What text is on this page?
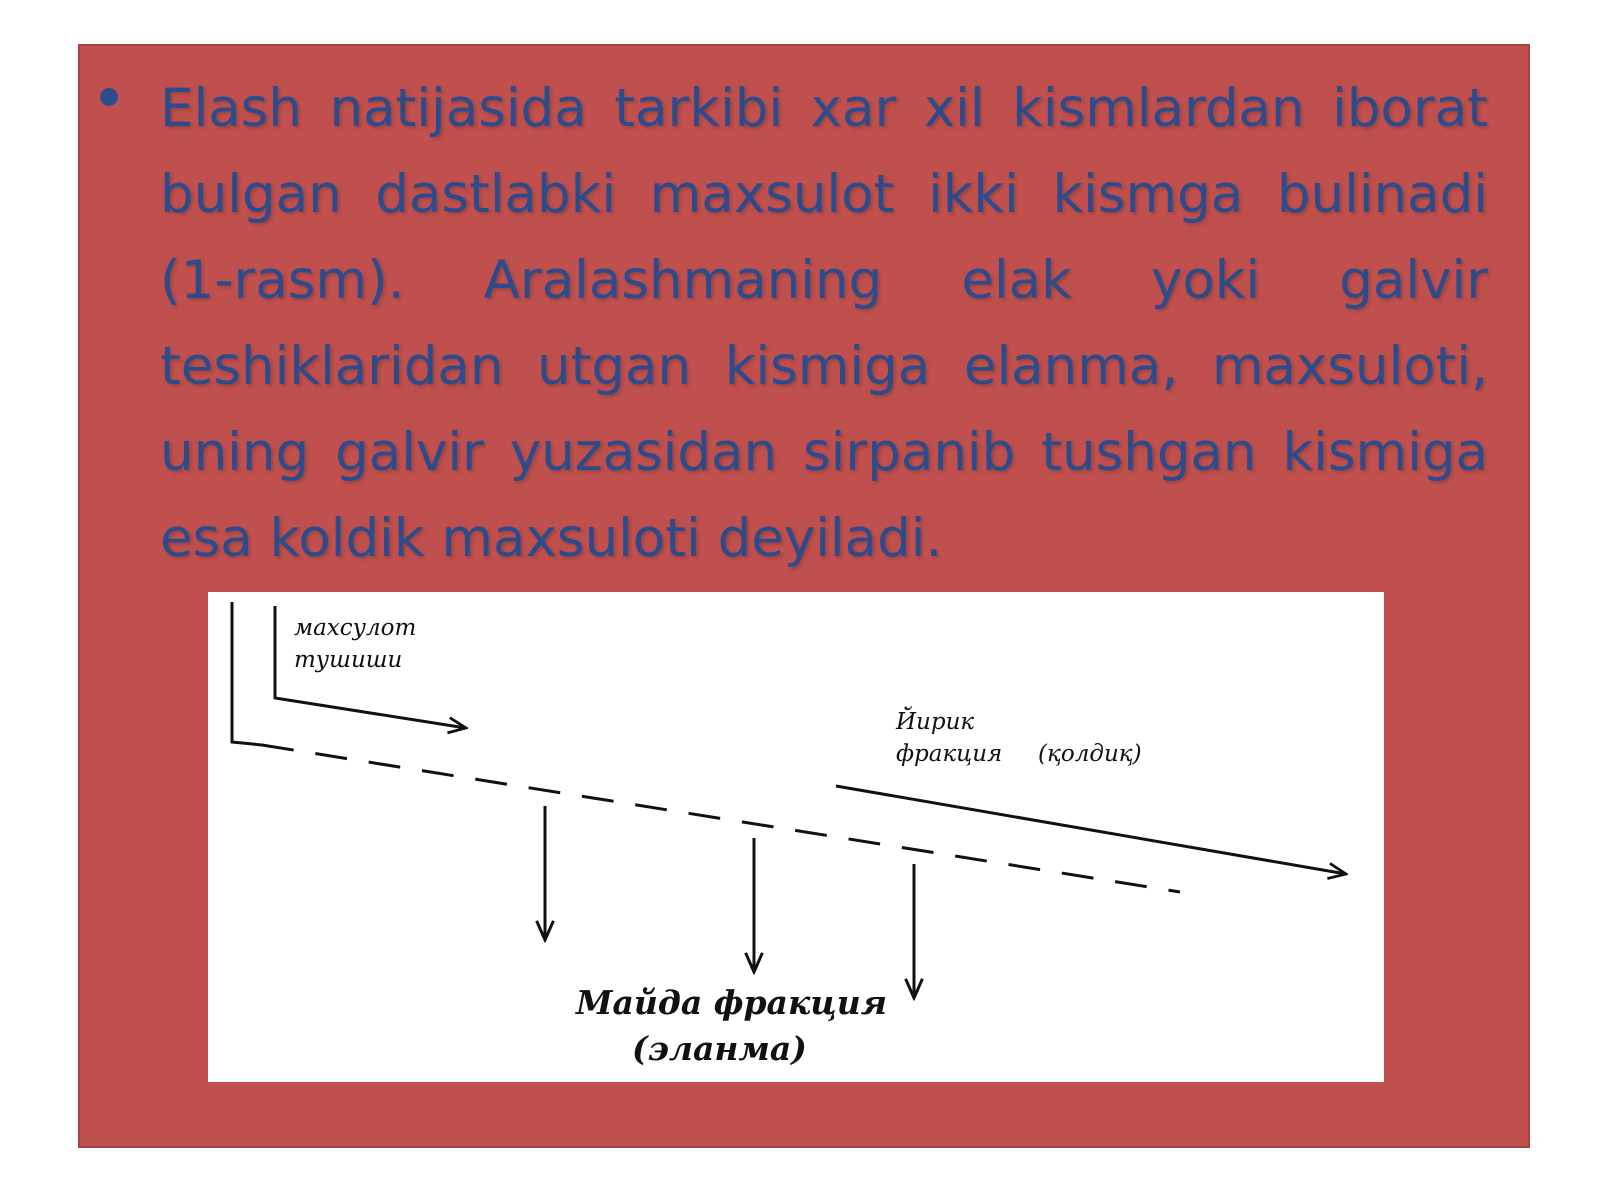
Elash natijasida tarkibi xar xil kismlardan iborat bulgan dastlabki maxsulot ikki kismga bulinadi (1-rasm). Aralashmaning elak yoki galvir teshiklaridan utgan kismiga elanma, maxsuloti, uning galvir yuzasidan sirpanib tushgan kismiga esa koldik maxsuloti deyiladi.
махсулот
тушиши
Йирик
фракция (қолдиқ)
Майда фракция
(эланма)
